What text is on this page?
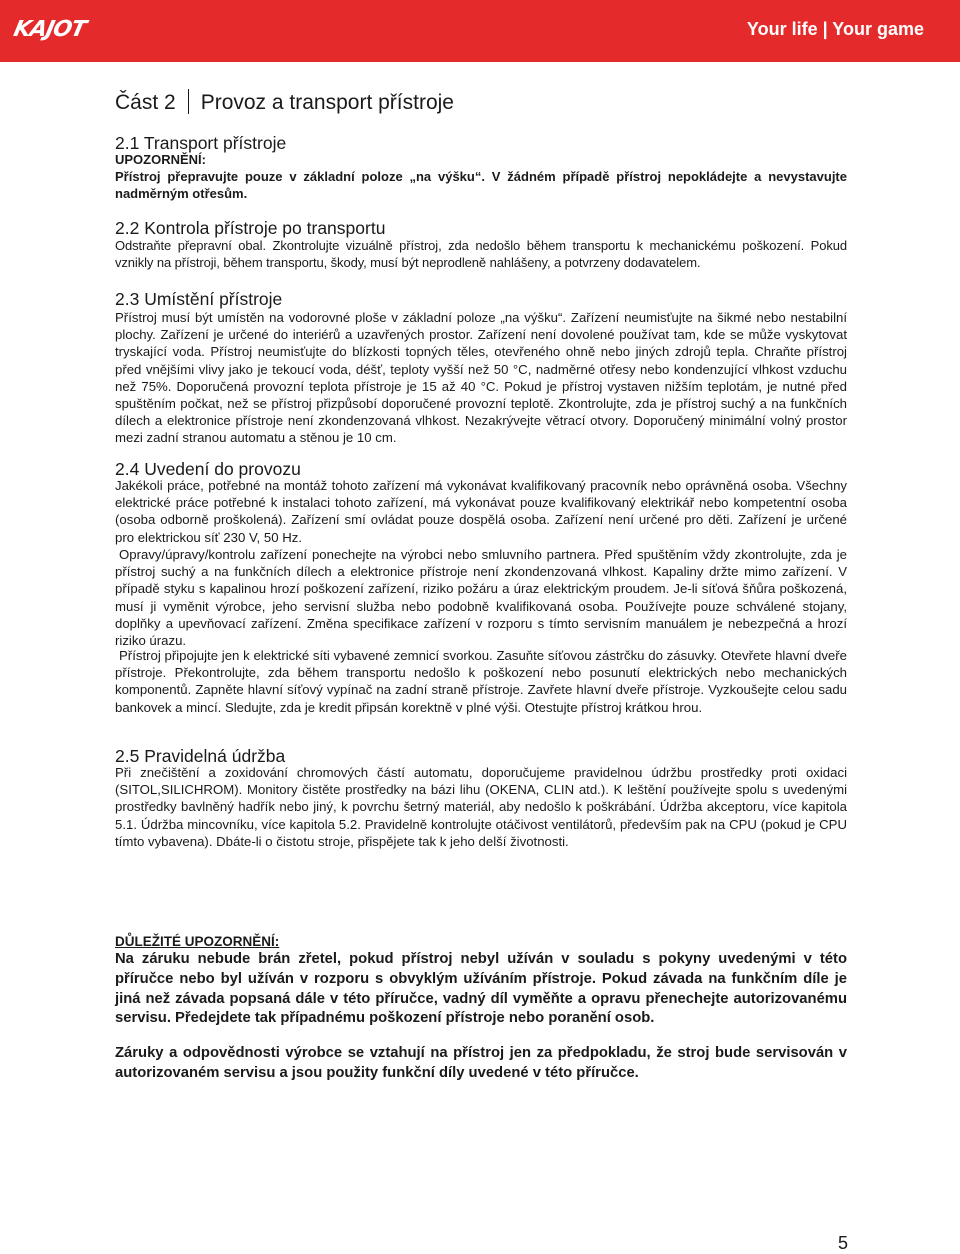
KAJOT	Your life | Your game
Část 2 Provoz a transport přístroje
2.1 Transport přístroje

UPOZORNĚNÍ:

Přístroj přepravujte pouze v základní poloze „na výšku“. V žádném případě přístroj nepokládejte a nevystavujte nadměrným otřesům.

2.2 Kontrola přístroje po transportu

Odstraňte přepravní obal. Zkontrolujte vizuálně přístroj, zda nedošlo během transportu k mechanickému poškození. Pokud vznikly na přístroji, během transportu, škody, musí být neprodleně nahlášeny, a potvrzeny dodavatelem.

2.3 Umístění přístroje

Přístroj musí být umístěn na vodorovné ploše v základní poloze „na výšku“. Zařízení neumisťujte na šikmé nebo nestabilní plochy. Zařízení je určené do interiérů a uzavřených prostor. Zařízení není dovolené používat tam, kde se může vyskytovat tryskající voda. Přístroj neumisťujte do blízkosti topných těles, otevřeného ohně nebo jiných zdrojů tepla. Chraňte přístroj před vnějšími vlivy jako je tekoucí voda, déšť, teploty vyšší než 50 °C, nadměrné otřesy nebo kondenzující vlhkost vzduchu než 75%. Doporučená provozní teplota přístroje je 15 až 40 °C. Pokud je přístroj vystaven nižším teplotám, je nutné před spuštěním počkat, než se přístroj přizpůsobí doporučené provozní teplotě. Zkontrolujte, zda je přístroj suchý a na funkčních dílech a elektronice přístroje není zkondenzovaná vlhkost. Nezakrývejte větrací otvory. Doporučený minimální volný prostor mezi zadní stranou automatu a stěnou je 10 cm.

2.4 Uvedení do provozu

Jakékoli práce, potřebné na montáž tohoto zařízení má vykonávat kvalifikovaný pracovník nebo oprávněná osoba. Všechny elektrické práce potřebné k instalaci tohoto zařízení, má vykonávat pouze kvalifikovaný elektrikář nebo kompetentní osoba (osoba odborně proškolená). Zařízení smí ovládat pouze dospělá osoba. Zařízení není určené pro děti. Zařízení je určené pro elektrickou síť 230 V, 50 Hz.

Opravy/úpravy/kontrolu zařízení ponechejte na výrobci nebo smluvního partnera. Před spuštěním vždy zkontrolujte, zda je přístroj suchý a na funkčních dílech a elektronice přístroje není zkondenzovaná vlhkost. Kapaliny držte mimo zařízení. V případě styku s kapalinou hrozí poškození zařízení, riziko požáru a úraz elektrickým proudem. Je-li síťová šňůra poškozená, musí ji vyměnit výrobce, jeho servisní služba nebo podobně kvalifikovaná osoba. Používejte pouze schválené stojany, doplňky a upevňovací zařízení. Změna specifikace zařízení v rozporu s tímto servisním manuálem je nebezpečná a hrozí riziko úrazu.

Přístroj připojujte jen k elektrické síti vybavené zemnicí svorkou. Zasuňte síťovou zástrčku do zásuvky. Otevřete hlavní dveře přístroje. Překontrolujte, zda během transportu nedošlo k poškození nebo posunutí elektrických nebo mechanických komponentů. Zapněte hlavní síťový vypínač na zadní straně přístroje. Zavřete hlavní dveře přístroje. Vyzkoušejte celou sadu bankovek a mincí. Sledujte, zda je kredit připsán korektně v plné výši. Otestujte přístroj krátkou hrou.

2.5 Pravidelná údržba

Při znečištění a zoxidování chromových částí automatu, doporučujeme pravidelnou údržbu prostředky proti oxidaci (SITOL,SILICHROM). Monitory čistěte prostředky na bázi lihu (OKENA, CLIN atd.). K leštění používejte spolu s uvedenými prostředky bavlněný hadřík nebo jiný, k povrchu šetrný materiál, aby nedošlo k poškrábání. Údržba akceptoru, více kapitola 5.1. Údržba mincovníku, více kapitola 5.2. Pravidelně kontrolujte otáčivost ventilátorů, především pak na CPU (pokud je CPU tímto vybavena). Dbáte-li o čistotu stroje, přispějete tak k jeho delší životnosti.

DŮLEŽITÉ UPOZORNĚNÍ:

Na záruku nebude brán zřetel, pokud přístroj nebyl užíván v souladu s pokyny uvedenými v této příručce nebo byl užíván v rozporu s obvyklým užíváním přístroje. Pokud závada na funkčním díle je jiná než závada popsaná dále v této příručce, vadný díl vyměňte a opravu přenechejte autorizovanému servisu. Předejdete tak případnému poškození přístroje nebo poranění osob.

Záruky a odpovědnosti výrobce se vztahují na přístroj jen za předpokladu, že stroj bude servisován v autorizovaném servisu a jsou použity funkční díly uvedené v této příručce.

5
